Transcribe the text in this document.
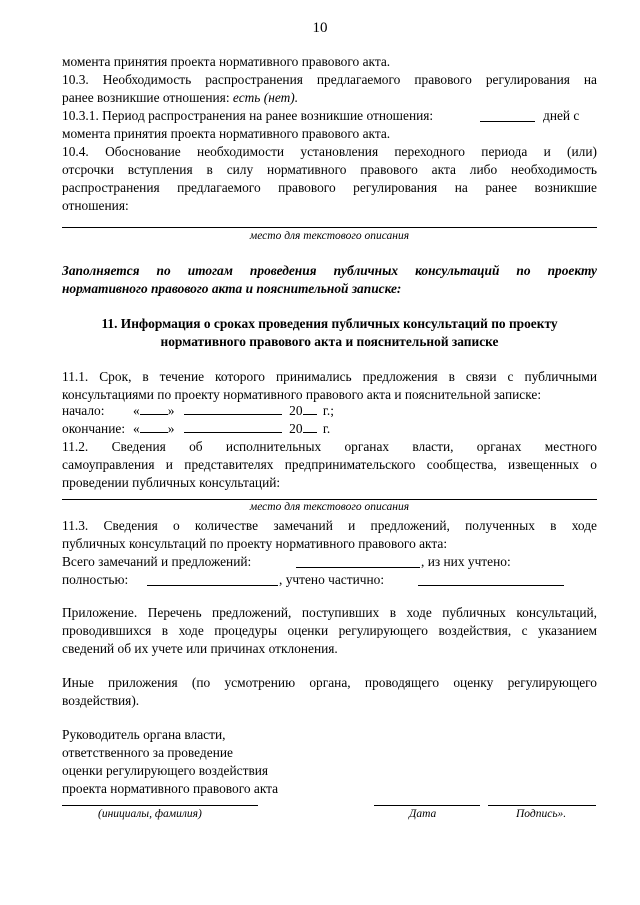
10
момента принятия проекта нормативного правового акта.
10.3. Необходимость распространения предлагаемого правового регулирования на
ранее возникшие отношения: есть (нет).
10.3.1. Период распространения на ранее возникшие отношения:	дней с
момента принятия проекта нормативного правового акта.
10.4. Обоснование необходимости установления переходного периода и (или)
отсрочки вступления в силу нормативного правового акта либо необходимость
распространения предлагаемого правового регулирования на ранее возникшие
отношения:
место для текстового описания
Заполняется по итогам проведения публичных консультаций по проекту
нормативного правового акта и пояснительной записке:
11. Информация о сроках проведения публичных консультаций по проекту
нормативного правового акта и пояснительной записке
11.1. Срок, в течение которого принимались предложения в связи с публичными
консультациями по проекту нормативного правового акта и пояснительной записке:
начало: « »	20 г.;
окончание: « »	20 г.
11.2. Сведения об исполнительных органах власти, органах местного
самоуправления и представителях предпринимательского сообщества, извещенных о
проведении публичных консультаций:
место для текстового описания
11.3. Сведения о количестве замечаний и предложений, полученных в ходе
публичных консультаций по проекту нормативного правового акта:
Всего замечаний и предложений:	, из них учтено:
полностью:	, учтено частично:
Приложение. Перечень предложений, поступивших в ходе публичных консультаций,
проводившихся в ходе процедуры оценки регулирующего воздействия, с указанием
сведений об их учете или причинах отклонения.
Иные приложения (по усмотрению органа, проводящего оценку регулирующего
воздействия).
Руководитель органа власти,
ответственного за проведение
оценки регулирующего воздействия
проекта нормативного правового акта
(инициалы, фамилия)	Дата	Подпись».
